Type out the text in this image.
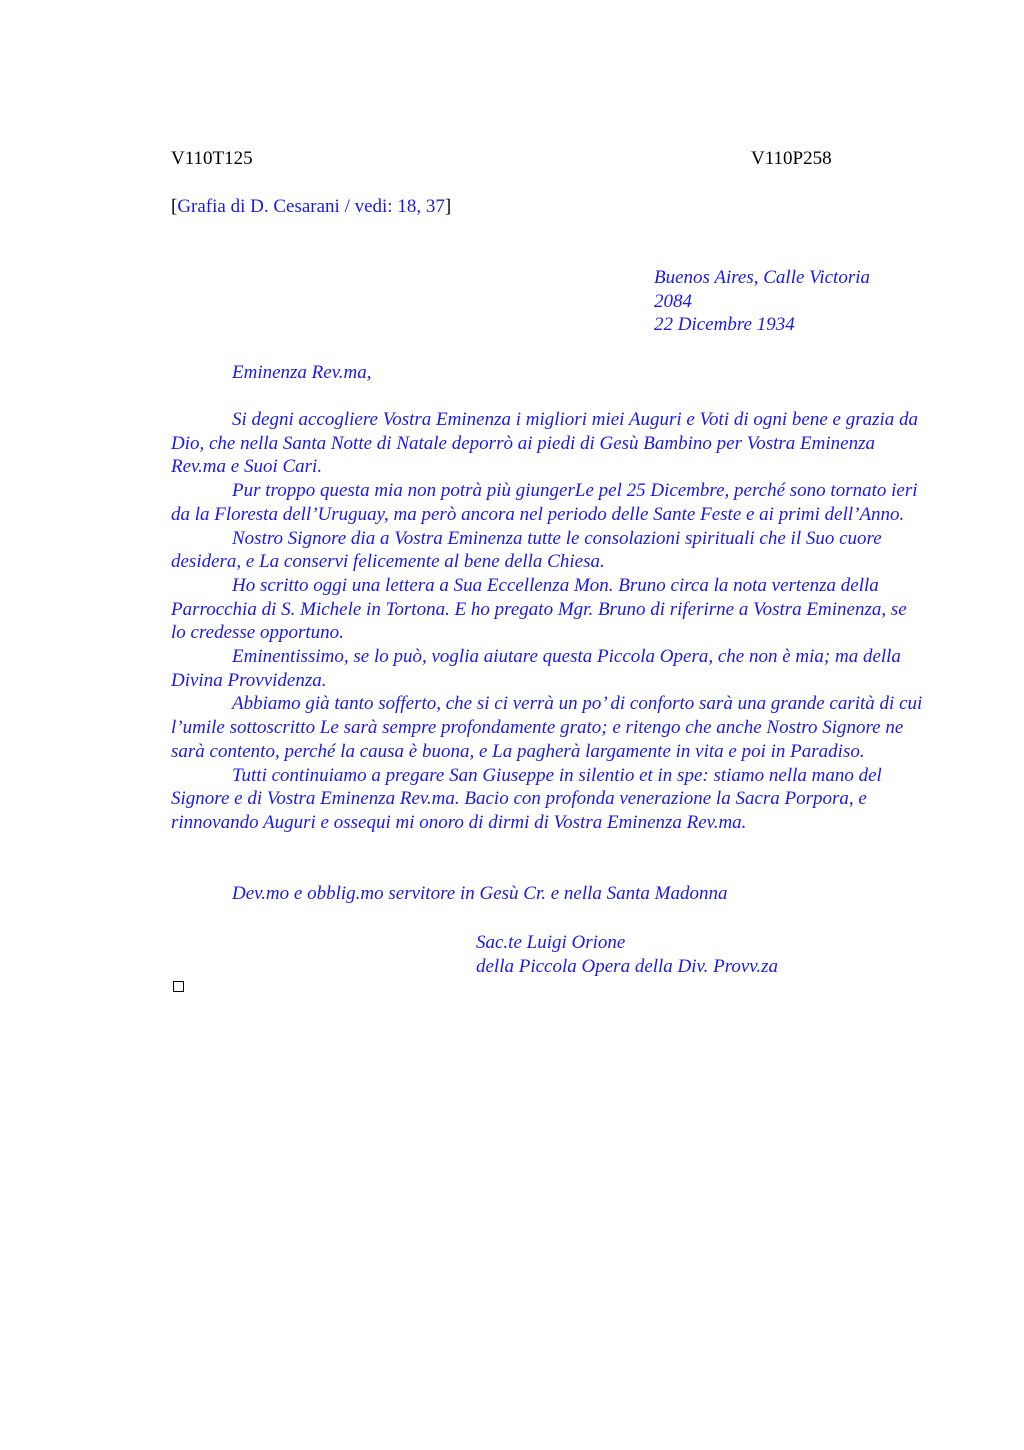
V110T125	V110P258
[Grafia di D. Cesarani / vedi: 18, 37]
Buenos Aires, Calle Victoria
2084
22 Dicembre 1934
Eminenza Rev.ma,

Si degni accogliere Vostra Eminenza i migliori miei Auguri e Voti di ogni bene e grazia da Dio, che nella Santa Notte di Natale deporrò ai piedi di Gesù Bambino per Vostra Eminenza Rev.ma e Suoi Cari.

Pur troppo questa mia non potrà più giungerLe pel 25 Dicembre, perché sono tornato ieri da la Floresta dell’Uruguay, ma però ancora nel periodo delle Sante Feste e ai primi dell’Anno.

Nostro Signore dia a Vostra Eminenza tutte le consolazioni spirituali che il Suo cuore desidera, e La conservi felicemente al bene della Chiesa.

Ho scritto oggi una lettera a Sua Eccellenza Mon. Bruno circa la nota vertenza della Parrocchia di S. Michele in Tortona. E ho pregato Mgr. Bruno di riferirne a Vostra Eminenza, se lo credesse opportuno.

Eminentissimo, se lo può, voglia aiutare questa Piccola Opera, che non è mia; ma della Divina Provvidenza.

Abbiamo già tanto sofferto, che si ci verrà un po’ di conforto sarà una grande carità di cui l’umile sottoscritto Le sarà sempre profondamente grato; e ritengo che anche Nostro Signore ne sarà contento, perché la causa è buona, e La pagherà largamente in vita e poi in Paradiso.

Tutti continuiamo a pregare San Giuseppe in silentio et in spe: stiamo nella mano del Signore e di Vostra Eminenza Rev.ma. Bacio con profonda venerazione la Sacra Porpora, e rinnovando Auguri e ossequi mi onoro di dirmi di Vostra Eminenza Rev.ma.

Dev.mo e obblig.mo servitore in Gesù Cr. e nella Santa Madonna
Sac.te Luigi Orione
della Piccola Opera della Div. Provv.za
